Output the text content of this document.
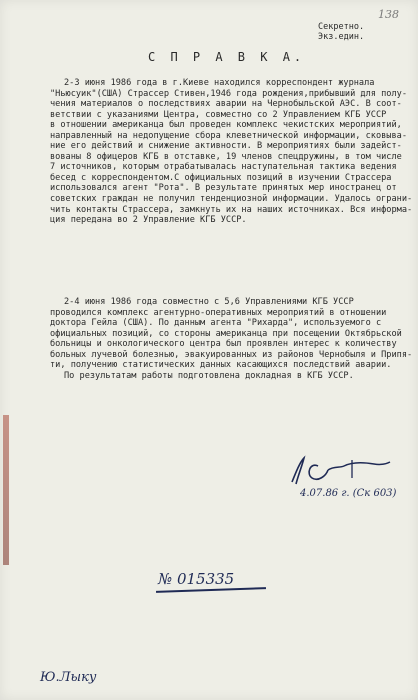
138
Секретно.
Экз.един.
С П Р А В К А.
2-3 июня 1986 года в г.Киеве находился корреспондент журнала
"Ньюсуик"(США) Страссер Стивен,1946 года рождения,прибывший для полу-
чения материалов о последствиях аварии на Чернобыльской АЭС. В соот-
ветствии с указаниями Центра, совместно со 2 Управлением КГБ УССР
в отношении американца был проведен комплекс чекистских мероприятий,
направленный на недопущение сбора клеветнической информации, сковыва-
ние его действий и снижение активности. В мероприятиях были задейст-
вованы 8 офицеров КГБ в отставке, 19 членов спецдружины, в том числе
7 источников, которым отрабатывалась наступательная тактика ведения
бесед с корреспондентом.С официальных позиций в изучении Страссера
использовался агент "Рота". В результате принятых мер иностранец от
советских граждан не получил тенденциозной информации. Удалось ограни-
чить контакты Страссера, замкнуть их на наших источниках. Вся информа-
ция передана во 2 Управление КГБ УССР.
2-4 июня 1986 года совместно с 5,6 Управлениями КГБ УССР
проводился комплекс агентурно-оперативных мероприятий в отношении
доктора Гейла (США). По данным агента "Рихарда", используемого с
официальных позиций, со стороны американца при посещении Октябрьской
больницы и онкологического центра был проявлен интерес к количеству
больных лучевой болезнью, эвакуированных из районов Чернобыля и Припя-
ти, получению статистических данных касающихся последствий аварии.
По результатам работы подготовлена докладная в КГБ УССР.
4.07.86 г. (Ск 603)
№ 015335
Ю.Лыку
